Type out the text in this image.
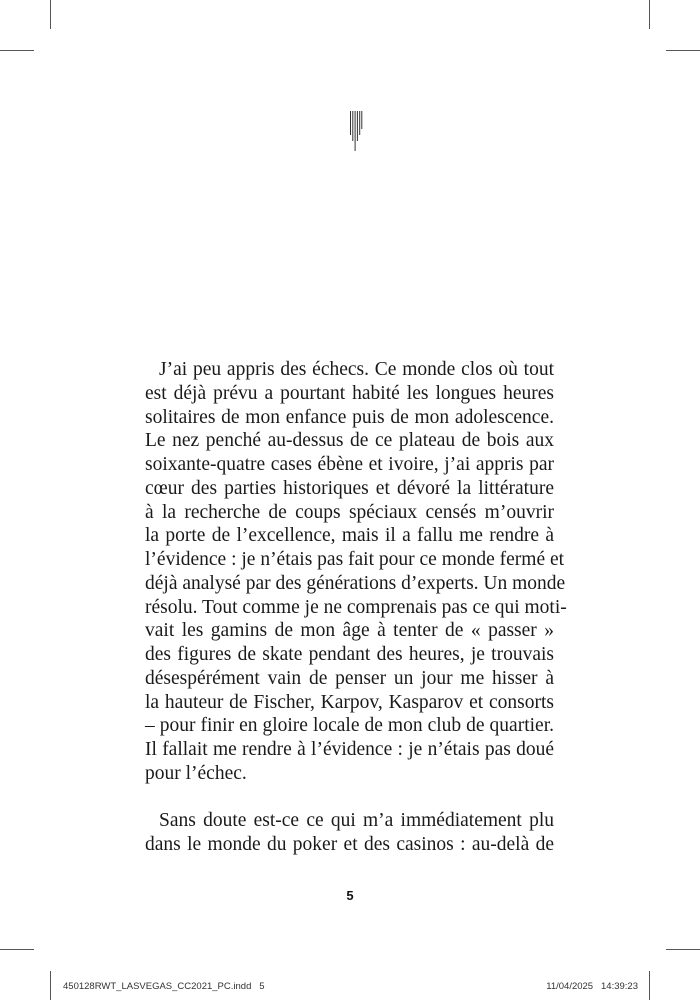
J’ai peu appris des échecs. Ce monde clos où tout
est déjà prévu a pourtant habité les longues heures
solitaires de mon enfance puis de mon adolescence.
Le nez penché au-dessus de ce plateau de bois aux
soixante-quatre cases ébène et ivoire, j’ai appris par
cœur des parties historiques et dévoré la littérature
à la recherche de coups spéciaux censés m’ouvrir
la porte de l’excellence, mais il a fallu me rendre à
l’évidence : je n’étais pas fait pour ce monde fermé et
déjà analysé par des générations d’experts. Un monde
résolu. Tout comme je ne comprenais pas ce qui moti-
vait les gamins de mon âge à tenter de « passer »
des figures de skate pendant des heures, je trouvais
désespérément vain de penser un jour me hisser à
la hauteur de Fischer, Karpov, Kasparov et consorts
– pour finir en gloire locale de mon club de quartier.
Il fallait me rendre à l’évidence : je n’étais pas doué
pour l’échec.

Sans doute est-ce ce qui m’a immédiatement plu
dans le monde du poker et des casinos : au-delà de

5
450128RWT_LASVEGAS_CC2021_PC.indd   5	11/04/2025   14:39:23
